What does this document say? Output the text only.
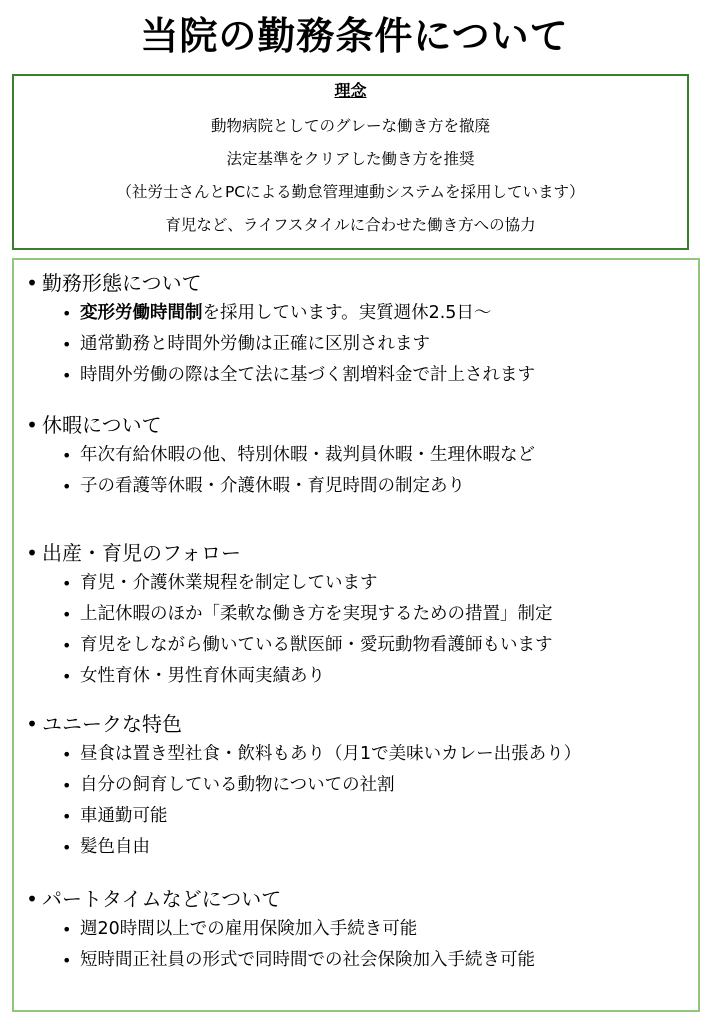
当院の勤務条件について
理念
動物病院としてのグレーな働き方を撤廃
法定基準をクリアした働き方を推奨
（社労士さんとPCによる勤怠管理連動システムを採用しています）
育児など、ライフスタイルに合わせた働き方への協力
• 勤務形態について
• 変形労働時間制 を採用しています。実質週休2.5日～
• 通常勤務と時間外労働は正確に区別されます
• 時間外労働の際は全て法に基づく割増料金で計上されます
• 休暇について
• 年次有給休暇の他、特別休暇・裁判員休暇・生理休暇など
• 子の看護等休暇・介護休暇・育児時間の制定あり
• 出産・育児のフォロー
• 育児・介護休業規程を制定しています
• 上記休暇のほか「柔軟な働き方を実現するための措置」制定
• 育児をしながら働いている獣医師・愛玩動物看護師もいます
• 女性育休・男性育休両実績あり
• ユニークな特色
• 昼食は置き型社食・飲料もあり（月1で美味いカレー出張あり）
• 自分の飼育している動物についての社割
• 車通勤可能
• 髪色自由
• パートタイムなどについて
• 週20時間以上での雇用保険加入手続き可能
• 短時間正社員の形式で同時間での社会保険加入手続き可能
